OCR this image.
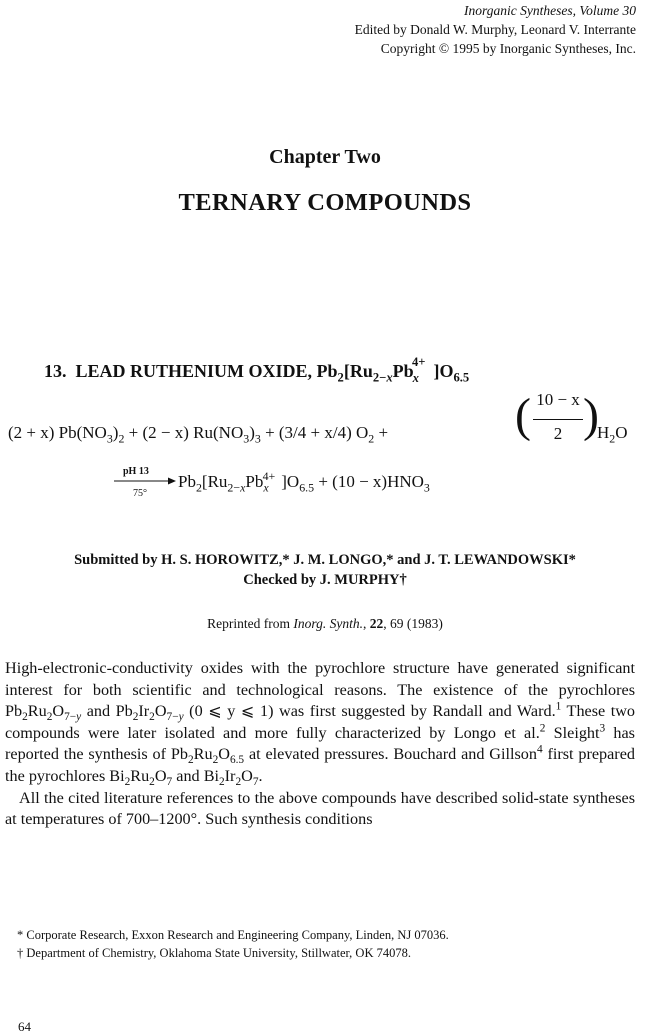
Inorganic Syntheses, Volume 30
Edited by Donald W. Murphy, Leonard V. Interrante
Copyright © 1995 by Inorganic Syntheses, Inc.
Chapter Two
TERNARY COMPOUNDS
13. LEAD RUTHENIUM OXIDE, $Pb_2[Ru_{2-x}Pb_x^{4+}$ ]$O_{6.5}$
(2 + x) $Pb(NO_3)_2 + (2 - x) Ru(NO_3)_3 + (3/4 + x/4) O_2$ +	( 10 − x
2 )
$H_2O$
pH 13
75°
$Pb_2[Ru_{2-x}Pb_x^{4+}$ ]$O_{6.5} + (10 - x)HNO_3$
Submitted by H. S. HOROWITZ,* J. M. LONGO,* and J. T. LEWANDOWSKI*
Checked by J. MURPHY†
Reprinted from Inorg. Synth., 22, 69 (1983)

High-electronic-conductivity oxides with the pyrochlore structure have generated significant interest for both scientific and technological reasons. The existence of the pyrochlores $Pb_2Ru_2O_{7-y}$ and $Pb_2Ir_2O_{7-y}$ (0 ⩽ y ⩽ 1) was first suggested by Randall and Ward.$^1$ These two compounds were later isolated and more fully characterized by Longo et al.$^2$ Sleight$^3$ has reported the synthesis of $Pb_2Ru_2O_{6.5}$ at elevated pressures. Bouchard and Gillson$^4$ first prepared the pyrochlores $Bi_2Ru_2O_7$ and $Bi_2Ir_2O_7$.

All the cited literature references to the above compounds have described solid-state syntheses at temperatures of 700–1200°. Such synthesis conditions

* Corporate Research, Exxon Research and Engineering Company, Linden, NJ 07036.
† Department of Chemistry, Oklahoma State University, Stillwater, OK 74078.
64
